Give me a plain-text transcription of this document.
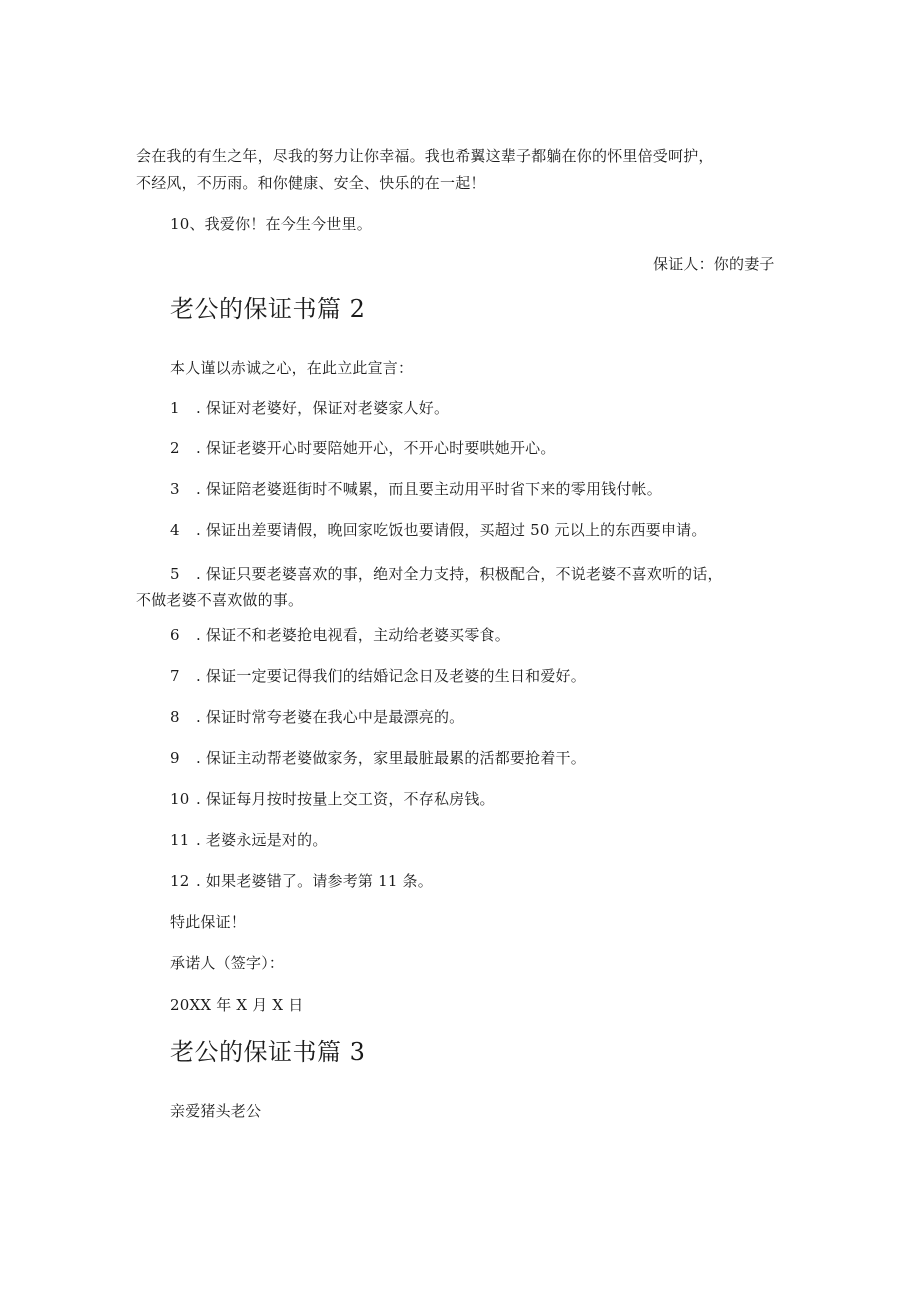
会在我的有生之年，尽我的努力让你幸福。我也希翼这辈子都躺在你的怀里倍受呵护，
不经风，不历雨。和你健康、安全、快乐的在一起！
10、我爱你！在今生今世里。
保证人：你的妻子
老公的保证书篇 2
本人谨以赤诚之心，在此立此宣言：
1 . 保证对老婆好，保证对老婆家人好。
2 . 保证老婆开心时要陪她开心，不开心时要哄她开心。
3 . 保证陪老婆逛街时不喊累，而且要主动用平时省下来的零用钱付帐。
4 . 保证出差要请假，晚回家吃饭也要请假，买超过 50 元以上的东西要申请。
5 . 保证只要老婆喜欢的事，绝对全力支持，积极配合，不说老婆不喜欢听的话，
不做老婆不喜欢做的事。
6 . 保证不和老婆抢电视看，主动给老婆买零食。
7 . 保证一定要记得我们的结婚记念日及老婆的生日和爱好。
8 . 保证时常夸老婆在我心中是最漂亮的。
9 . 保证主动帮老婆做家务，家里最脏最累的活都要抢着干。
10 . 保证每月按时按量上交工资，不存私房钱。
11 . 老婆永远是对的。
12 . 如果老婆错了。请参考第 11 条。
特此保证！
承诺人（签字）：
20XX 年 X 月 X 日
老公的保证书篇 3
亲爱猪头老公
